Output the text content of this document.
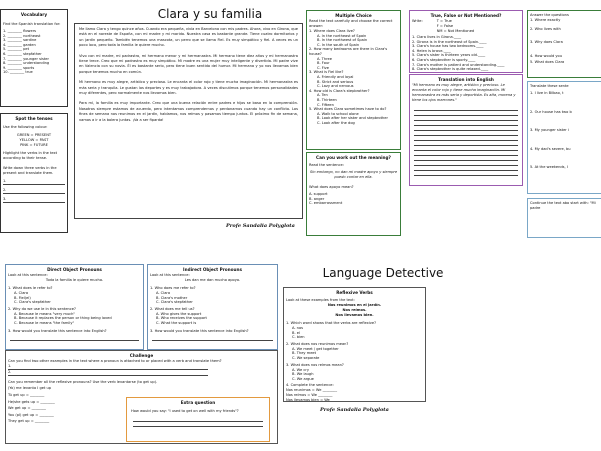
Vocabulary
Find the Spanish translation for:
1. ________ flowers
2. ________ northeast
3. ________ sardine
4. ________ garden
5. ________ pet
6. ________ stepfather
7. ________ younger sister
8. ________ understanding
9. ________ sports
10. ________ true
Spot the tenses
Use the following colour:
GREEN = PRESENT
YELLOW = PAST
PINK = FUTURE
Highlight the verbs in the text according to their tense.
Write down three verbs in the present and translate them.
1.
2.
3.
Clara y su familia

Me llamo Clara y tengo quince años. Cuando era pequeña, vivía en Barcelona con mis padres. Ahora, vivo en Girona, que está en el noreste de España, con mi madre y mi marido. Nuestra casa es bastante grande. Tiene cuatro dormitorios y un jardín pequeño. También tenemos una mascota, un perro que se llama Fiel. Es muy simpático y fiel. A veces es un poco loco, pero toda la familia le quiere mucho.

Vivo con mi madre, mi padrastro, mi hermano menor y mi hermanastra. Mi hermano tiene diez años y mi hermanastra tiene trece. Creo que mi padrastro es muy simpático. Mi madre es una mujer muy inteligente y divertida. Mi padre vive en Valencia con su novia. Él es bastante serio, pero tiene buen sentido del humor. Mi hermana y yo nos llevamos bien porque tenemos mucho en común.

Mi hermano es muy alegre, artístico y precioso. Le encanta el color rojo y tiene mucha imaginación. Mi hermanastra es más seria y tranquila. Le gustan los deportes y es muy trabajadora. A veces discutimos porque tenemos personalidades muy diferentes, pero normalmente nos llevamos bien.

Para mí, la familia es muy importante. Creo que una buena relación entre padres e hijos se basa en la comprensión. Nosotros siempre estamos de acuerdo, pero intentamos comprendernos y perdonarnos cuando hay un conflicto. Los fines de semana nos reunimos en el jardín, hablamos, nos reímos y pasamos tiempo juntos. El próximo fin de semana, vamos a ir a la bolera juntas. ¡Va a ser fiparda!

Profe Sandalia Polyglota
Multiple Choice
Read the text carefully and choose the correct answer:
1. Where does Clara live?
A. In the northeast of Spain
B. In the northwest of Spain
C. In the south of Spain
2. How many bedrooms are there in Clara's house?
A. Three
B. Four
C. Five
3. What is Fiel like?
A. Friendly and loyal
B. Strict and serious
C. Lazy and nervous
4. How old is Clara's stepbrother?
A. Ten
B. Thirteen
C. Fifteen
5. What does Clara sometimes have to do?
A. Walk to school alone
B. Look after her sister and stepbrother
C. Look after the dog
Can you work out the meaning?
Read the sentence:
Sin embargo, no dan mi madre apoyo y siempre puedo contar en ella.
What does apoyo mean?
A. support
B. anger
C. embarrassment
True, False or Not Mentioned?
Write:	T = True
F = False
NM = Not Mentioned
1. Clara lives in Girona.____
2. Girona is in the northeast of Spain.____
3. Clara's house has two bedrooms.____
4. Helen is brave.____
5. Clara's sister is thirteen years old.____
6. Clara's stepbrother is sporty.____
7. Clara's mother is patient and understanding.____
8. Clara's stepbrother is quite relaxed.____
Translation into English
"Mi hermano es muy alegre, artístico y precioso. Le encanta el color rojo y tiene mucha imaginación. Mi hermanastra es más seria y deportista. Es alta, morena y tiene los ojos marrones."
Answer the questions
1. Where exactly
2. Who lives with
3. Why does Clara
4. How would you
5. What does Clara
Translate these sente
1. I live in Bilbao, t
2. Our house has two b
3. My younger sister i
4. My dad's severe, bu
5. At the weekends, I
Continue the text abo start with: "Mi padre
Direct Object Pronouns
Look at this sentence:
Toda la familia le quiere mucho.
1. What does le refer to?
A. Clara
B. Fiel(el)
C. Clara's stepfather
2. Why do we use le in this sentence?
A. Because le means "very much"
B. Because it replaces the person or thing being loved
C. Because le means "the family"
3. How would you translate this sentence into English?
Indirect Object Pronouns
Look at this sentence:
Les dan me dan mucho apoyo.
1. Who does me refer to?
A. Clara
B. Clara's mother
C. Clara's stepfather
2. What does me tell us?
A. Who gives the support
B. Who receives the support
C. What the support is
3. How would you translate this sentence into English?
Language Detective
Reflexive Verbs
Look at these examples from the text:
Nos reunimos en el jardín.
Nos reímos.
Nos llevamos bien.
1. Which word shows that the verbs are reflexive?
A. nos
B. el
C. bien
2. What does nos reunimos mean?
A. We meet / get together
B. They meet
C. We separate
3. What does nos reímos mean?
A. We cry
B. We laugh
C. We argue
4. Complete the sentence:
Nos reunimos = We ________
Nos reímos = We ________
Nos llevamos bien = We ________
Profe Sandalia Polyglota
Challenge
Can you find two other examples in the text where a pronoun is attached to or placed with a verb and translate them?
1.
2.
Can you remember all the reflexive pronouns? Use the verb levantarse (to get up).
(Yo) me levanto I get up
Tú get up = ________
He/she gets up = ________
We get up = ________
You (pl) get up = ________
They get up = ________
Extra question
How would you say: "I used to get on well with my friends"?
